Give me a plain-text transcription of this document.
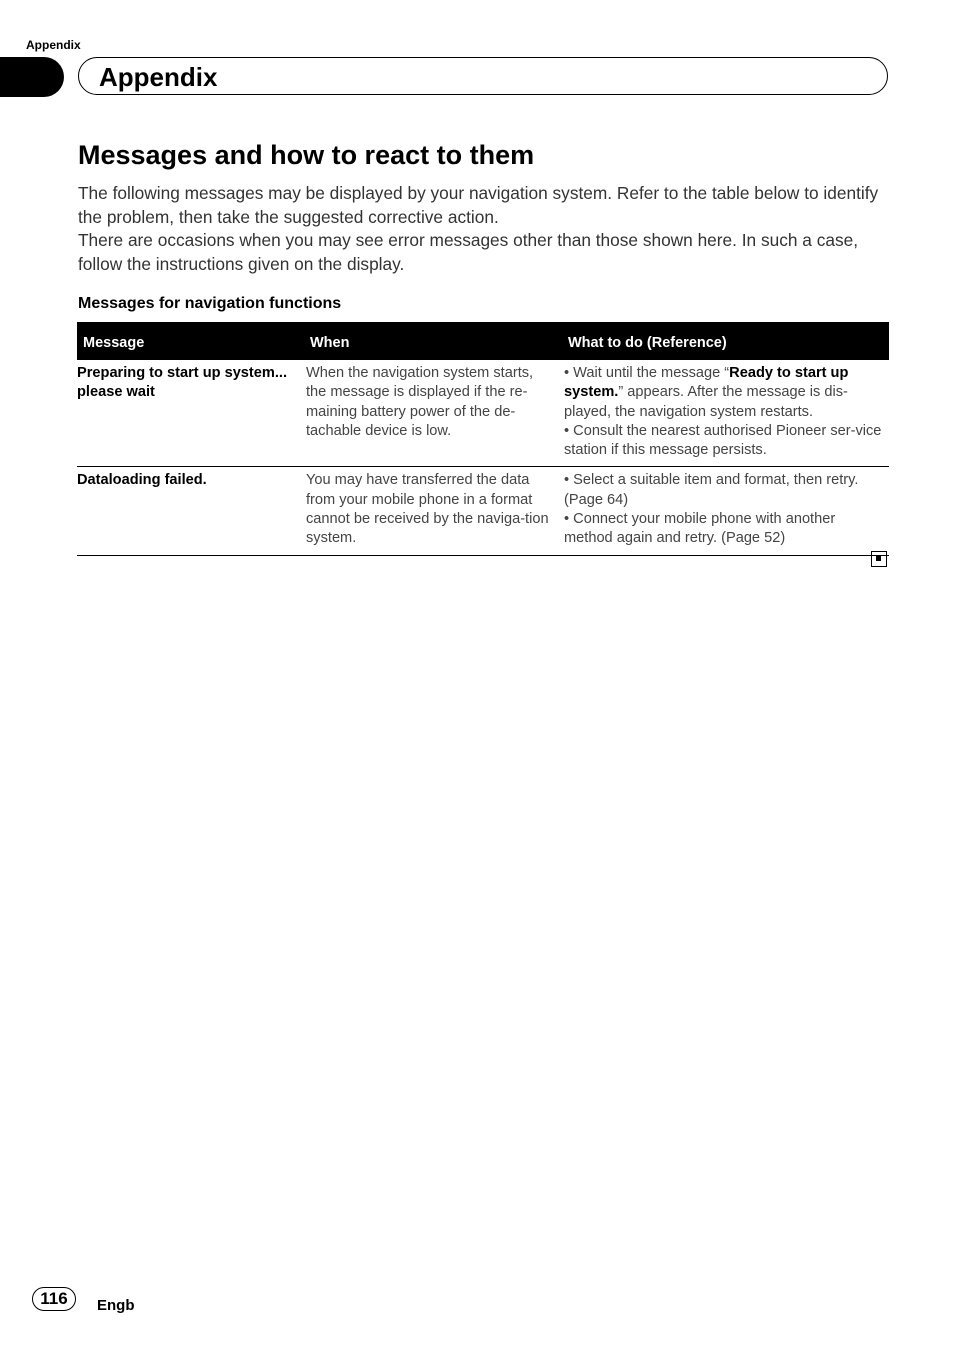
Appendix
Appendix
Messages and how to react to them

The following messages may be displayed by your navigation system. Refer to the table below to identify the problem, then take the suggested corrective action.

There are occasions when you may see error messages other than those shown here. In such a case, follow the instructions given on the display.

Messages for navigation functions
Message	When	What to do (Reference)
Preparing to start up system... please wait	When the navigation system starts, the message is displayed if the re-maining battery power of the de-tachable device is low.	• Wait until the message “Ready to start up system.” appears. After the message is dis-played, the navigation system restarts.
• Consult the nearest authorised Pioneer ser-vice station if this message persists.

Dataloading failed.	You may have transferred the data from your mobile phone in a format cannot be received by the naviga-tion system.	• Select a suitable item and format, then retry. (Page 64)
• Connect your mobile phone with another method again and retry. (Page 52)
116	Engb
